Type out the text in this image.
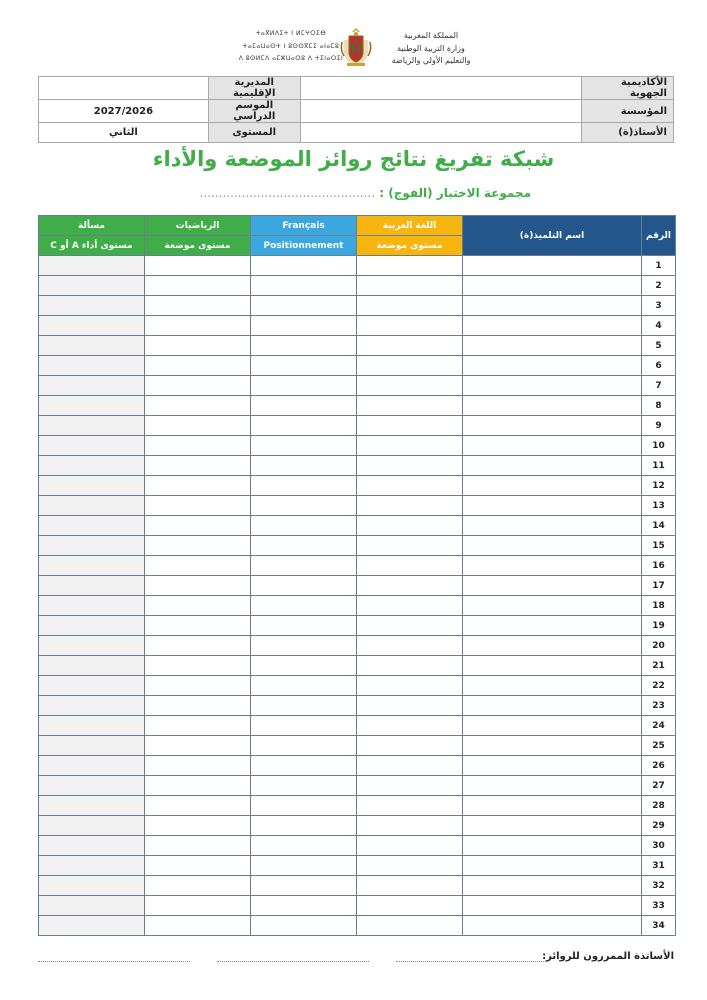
المملكة المغربية
وزارة التربية الوطنية
والتعليم الأولي والرياضة
ⵜⴰⴳⵍⴷⵉⵜ ⵏ ⵍⵎⵖⵔⵉⴱ
ⵜⴰⵎⴰⵡⴰⵙⵜ ⵏ ⵓⵙⵙⴳⵎⵉ ⴰⵏⴰⵎⵓ
ⴷ ⵓⵙⵍⵎⴷ ⴰⵎⵣⵡⴰⵔⵓ ⴷ ⵜⵉⵏⴰⵔⵉⵏ
الأكاديمية الجهوية		المديرية الإقليمية	
المؤسسة		الموسم الدراسي	2027/2026
الأستاذ(ة)		المستوى	الثاني
شبكة تفريغ نتائج روائز الموضعة والأداء
مجموعة الاختبار (الفوج) : ..............................................
الرقم	اسم التلميذ(ة)	اللغة العربية	Français	الرياضيات	مسألة
		مستوى موضعة	Positionnement	مستوى موضعة	مستوى أداء A أو C
1					
2					
3					
4					
5					
6					
7					
8					
9					
10					
11					
12					
13					
14					
15					
16					
17					
18					
19					
20					
21					
22					
23					
24					
25					
26					
27					
28					
29					
30					
31					
32					
33					
34					
الأساتذة الممررون للروائز:
